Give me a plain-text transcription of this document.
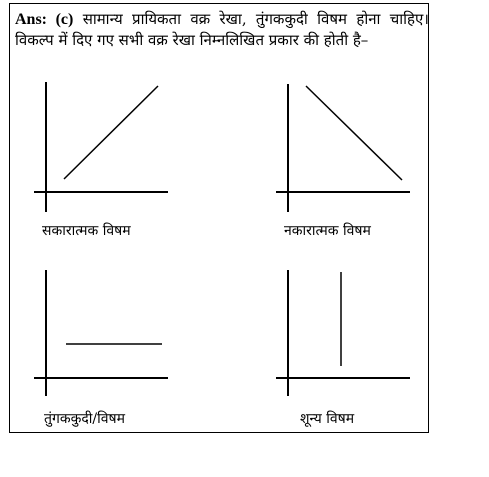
Ans: (c) सामान्य प्रायिकता वक्र रेखा, तुंगककुदी विषम होना चाहिए। विकल्प में दिए गए सभी वक्र रेखा निम्नलिखित प्रकार की होती है–
सकारात्मक विषम	नकारात्मक विषम
तुंगककुदी/विषम	शून्य विषम
